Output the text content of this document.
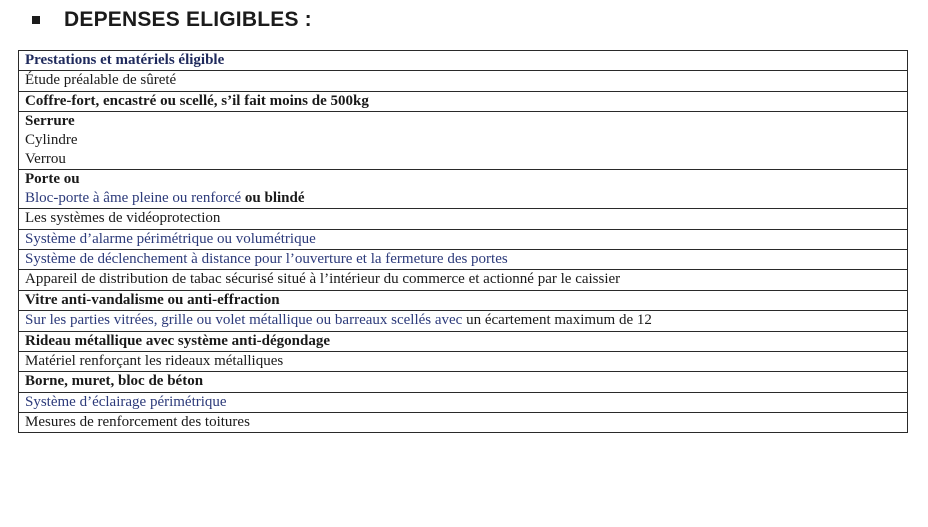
DEPENSES ELIGIBLES :
Prestations et matériels éligible
Étude préalable de sûreté
Coffre-fort, encastré ou scellé, s’il fait moins de 500kg

Serrure
Cylindre
Verrou

Porte ou
Bloc-porte à âme pleine ou renforcé ou blindé

Les systèmes de vidéoprotection
Système d’alarme périmétrique ou volumétrique
Système de déclenchement à distance pour l’ouverture et la fermeture des portes
Appareil de distribution de tabac sécurisé situé à l’intérieur du commerce et actionné par le caissier
Vitre anti-vandalisme ou anti-effraction
Sur les parties vitrées, grille ou volet métallique ou barreaux scellés avec un écartement maximum de 12
Rideau métallique avec système anti-dégondage
Matériel renforçant les rideaux métalliques
Borne, muret, bloc de béton
Système d’éclairage périmétrique
Mesures de renforcement des toitures
